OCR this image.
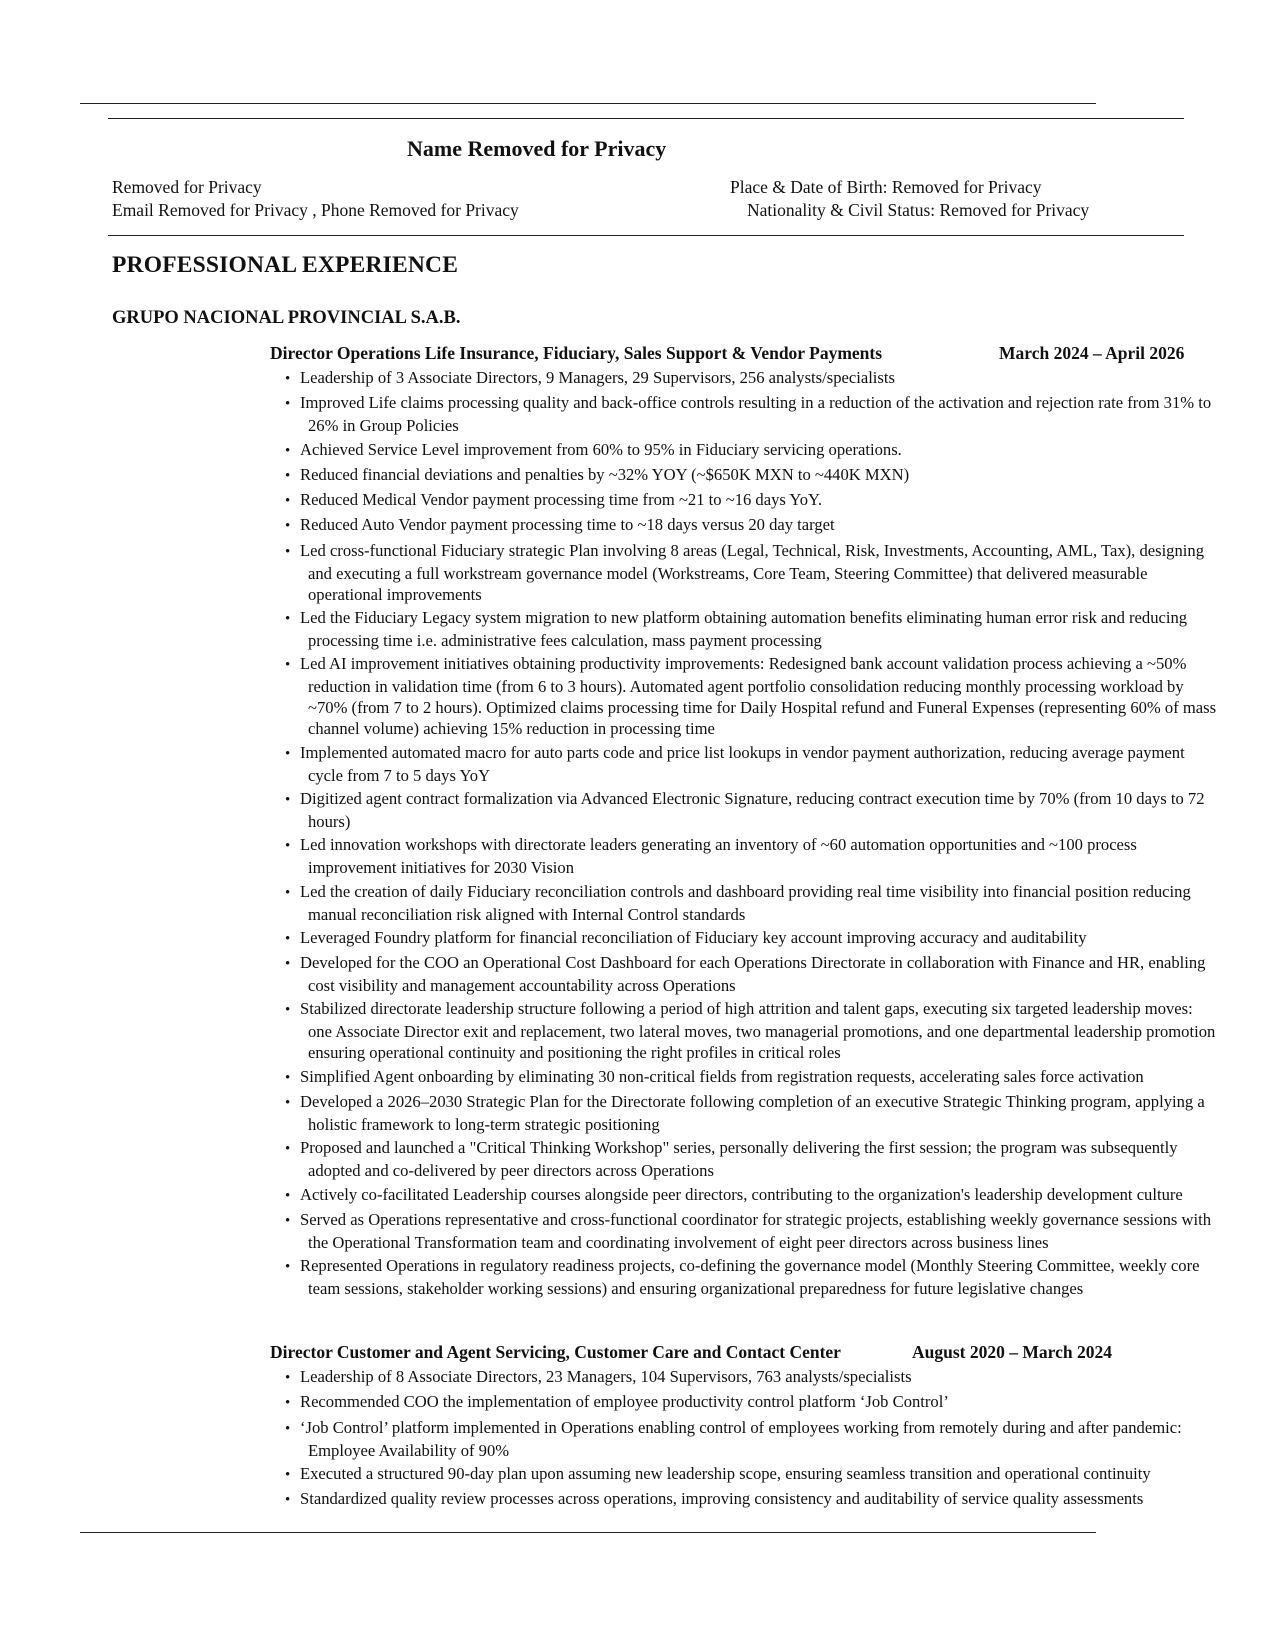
Name Removed for Privacy
Removed for Privacy
Email Removed for Privacy , Phone Removed for Privacy
Place & Date of Birth: Removed for Privacy
Nationality & Civil Status: Removed for Privacy
PROFESSIONAL EXPERIENCE
GRUPO NACIONAL PROVINCIAL S.A.B.
Director Operations Life Insurance, Fiduciary, Sales Support & Vendor Payments	March 2024 – April 2026
• Leadership of 3 Associate Directors, 9 Managers, 29 Supervisors, 256 analysts/specialists
• Improved Life claims processing quality and back-office controls resulting in a reduction of the activation and rejection rate from 31% to 26% in Group Policies
• Achieved Service Level improvement from 60% to 95% in Fiduciary servicing operations.
• Reduced financial deviations and penalties by ~32% YOY (~$650K MXN to ~440K MXN)
• Reduced Medical Vendor payment processing time from ~21 to ~16 days YoY.
• Reduced Auto Vendor payment processing time to ~18 days versus 20 day target
• Led cross-functional Fiduciary strategic Plan involving 8 areas (Legal, Technical, Risk, Investments, Accounting, AML, Tax), designing and executing a full workstream governance model (Workstreams, Core Team, Steering Committee) that delivered measurable operational improvements
• Led the Fiduciary Legacy system migration to new platform obtaining automation benefits eliminating human error risk and reducing processing time i.e. administrative fees calculation, mass payment processing
• Led AI improvement initiatives obtaining productivity improvements: Redesigned bank account validation process achieving a ~50% reduction in validation time (from 6 to 3 hours). Automated agent portfolio consolidation reducing monthly processing workload by ~70% (from 7 to 2 hours). Optimized claims processing time for Daily Hospital refund and Funeral Expenses (representing 60% of mass channel volume) achieving 15% reduction in processing time
• Implemented automated macro for auto parts code and price list lookups in vendor payment authorization, reducing average payment cycle from 7 to 5 days YoY
• Digitized agent contract formalization via Advanced Electronic Signature, reducing contract execution time by 70% (from 10 days to 72 hours)
• Led innovation workshops with directorate leaders generating an inventory of ~60 automation opportunities and ~100 process improvement initiatives for 2030 Vision
• Led the creation of daily Fiduciary reconciliation controls and dashboard providing real time visibility into financial position reducing manual reconciliation risk aligned with Internal Control standards
• Leveraged Foundry platform for financial reconciliation of Fiduciary key account improving accuracy and auditability
• Developed for the COO an Operational Cost Dashboard for each Operations Directorate in collaboration with Finance and HR, enabling cost visibility and management accountability across Operations
• Stabilized directorate leadership structure following a period of high attrition and talent gaps, executing six targeted leadership moves: one Associate Director exit and replacement, two lateral moves, two managerial promotions, and one departmental leadership promotion ensuring operational continuity and positioning the right profiles in critical roles
• Simplified Agent onboarding by eliminating 30 non-critical fields from registration requests, accelerating sales force activation
• Developed a 2026–2030 Strategic Plan for the Directorate following completion of an executive Strategic Thinking program, applying a holistic framework to long-term strategic positioning
• Proposed and launched a "Critical Thinking Workshop" series, personally delivering the first session; the program was subsequently adopted and co-delivered by peer directors across Operations
• Actively co-facilitated Leadership courses alongside peer directors, contributing to the organization's leadership development culture
• Served as Operations representative and cross-functional coordinator for strategic projects, establishing weekly governance sessions with the Operational Transformation team and coordinating involvement of eight peer directors across business lines
• Represented Operations in regulatory readiness projects, co-defining the governance model (Monthly Steering Committee, weekly core team sessions, stakeholder working sessions) and ensuring organizational preparedness for future legislative changes
Director Customer and Agent Servicing, Customer Care and Contact Center	August 2020 – March 2024
• Leadership of 8 Associate Directors, 23 Managers, 104 Supervisors, 763 analysts/specialists
• Recommended COO the implementation of employee productivity control platform ‘Job Control’
• ‘Job Control’ platform implemented in Operations enabling control of employees working from remotely during and after pandemic: Employee Availability of 90%
• Executed a structured 90-day plan upon assuming new leadership scope, ensuring seamless transition and operational continuity
• Standardized quality review processes across operations, improving consistency and auditability of service quality assessments
